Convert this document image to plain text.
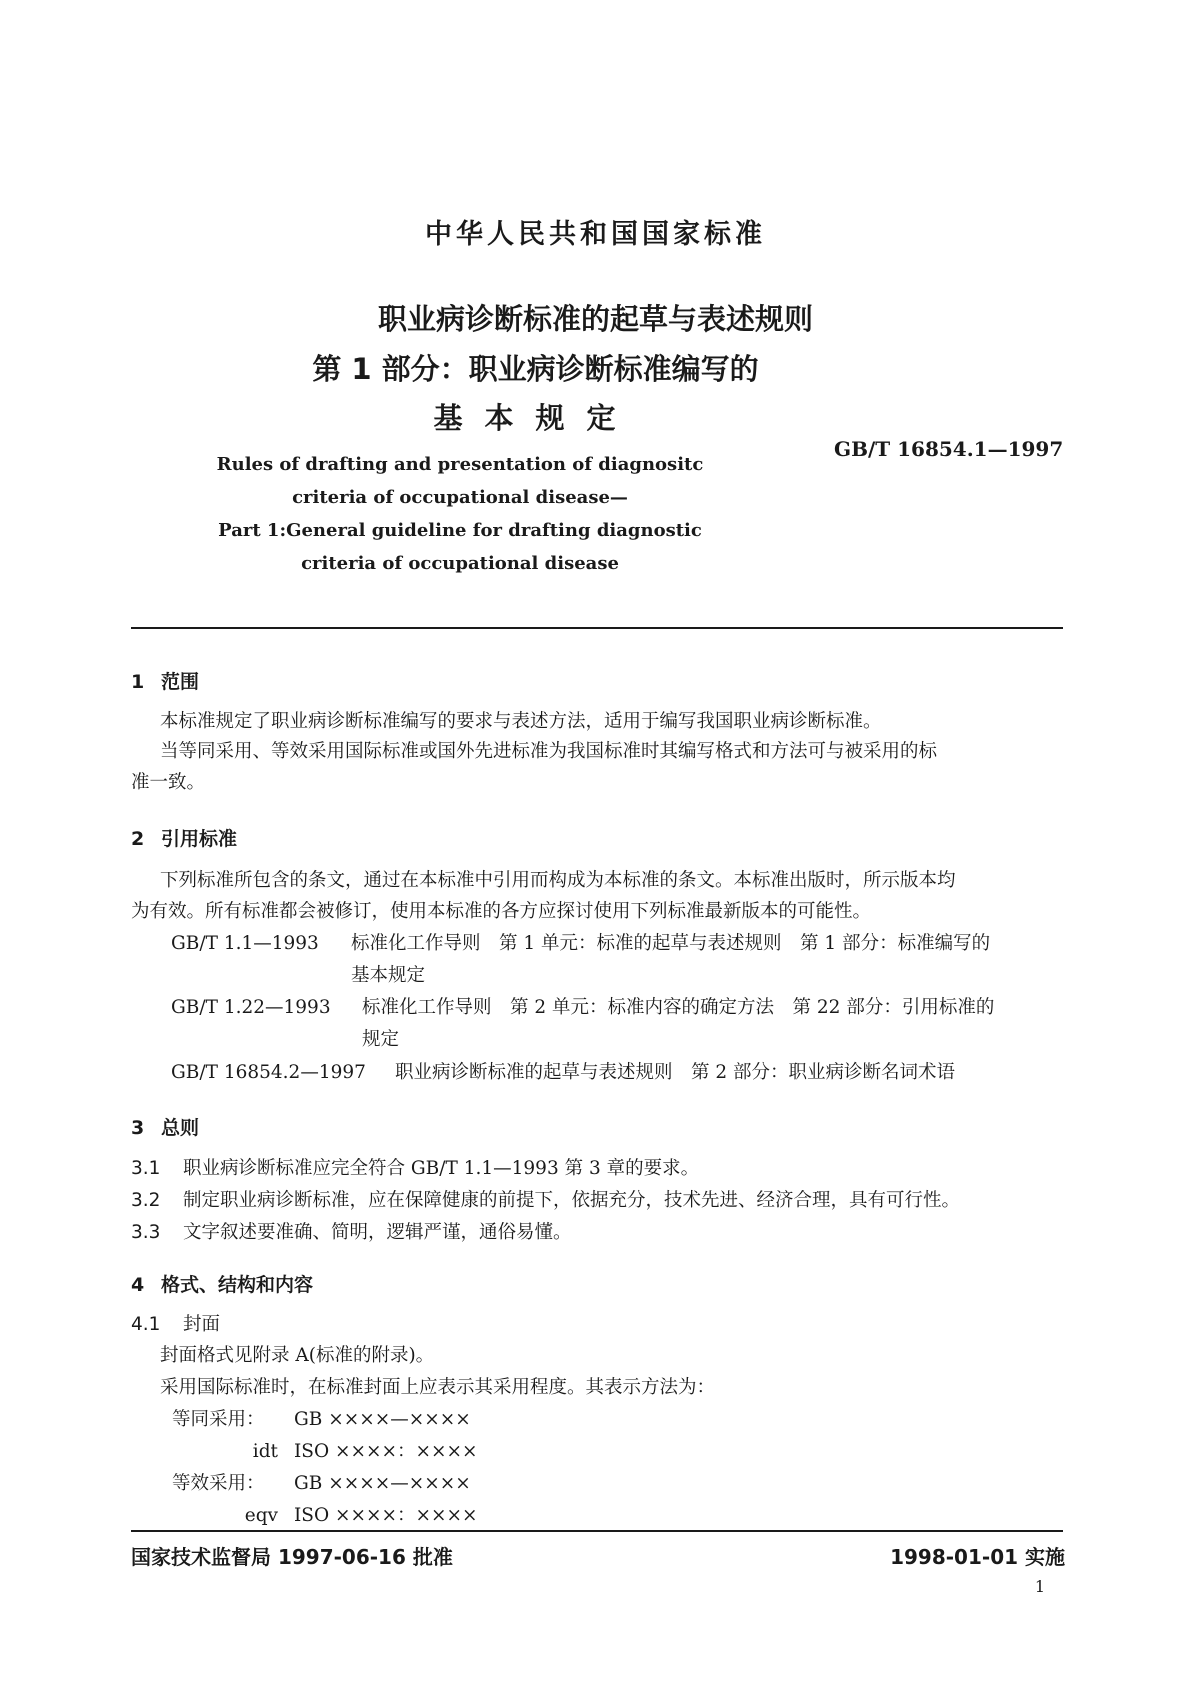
中华人民共和国国家标准
职业病诊断标准的起草与表述规则
第 1 部分：职业病诊断标准编写的
基本规定
GB/T 16854.1—1997
Rules of drafting and presentation of diagnositc
criteria of occupational disease—
Part 1:General guideline for drafting diagnostic
criteria of occupational disease
1 范围
本标准规定了职业病诊断标准编写的要求与表述方法，适用于编写我国职业病诊断标准。
当等同采用、等效采用国际标准或国外先进标准为我国标准时其编写格式和方法可与被采用的标
准一致。
2 引用标准
下列标准所包含的条文，通过在本标准中引用而构成为本标准的条文。本标准出版时，所示版本均
为有效。所有标准都会被修订，使用本标准的各方应探讨使用下列标准最新版本的可能性。
GB/T 1.1—1993 标准化工作导则　第 1 单元：标准的起草与表述规则　第 1 部分：标准编写的
基本规定
GB/T 1.22—1993 标准化工作导则　第 2 单元：标准内容的确定方法　第 22 部分：引用标准的
规定
GB/T 16854.2—1997 职业病诊断标准的起草与表述规则　第 2 部分：职业病诊断名词术语
3 总则
3.1 职业病诊断标准应完全符合 GB/T 1.1—1993 第 3 章的要求。
3.2 制定职业病诊断标准，应在保障健康的前提下，依据充分，技术先进、经济合理，具有可行性。
3.3 文字叙述要准确、简明，逻辑严谨，通俗易懂。
4 格式、结构和内容
4.1 封面
封面格式见附录 A(标准的附录)。
采用国际标准时，在标准封面上应表示其采用程度。其表示方法为：
等同采用：	GB ××××—××××
idt ISO ××××：××××
等效采用：	GB ××××—××××
eqv ISO ××××：××××
国家技术监督局 1997-06-16 批准	1998-01-01 实施
1
